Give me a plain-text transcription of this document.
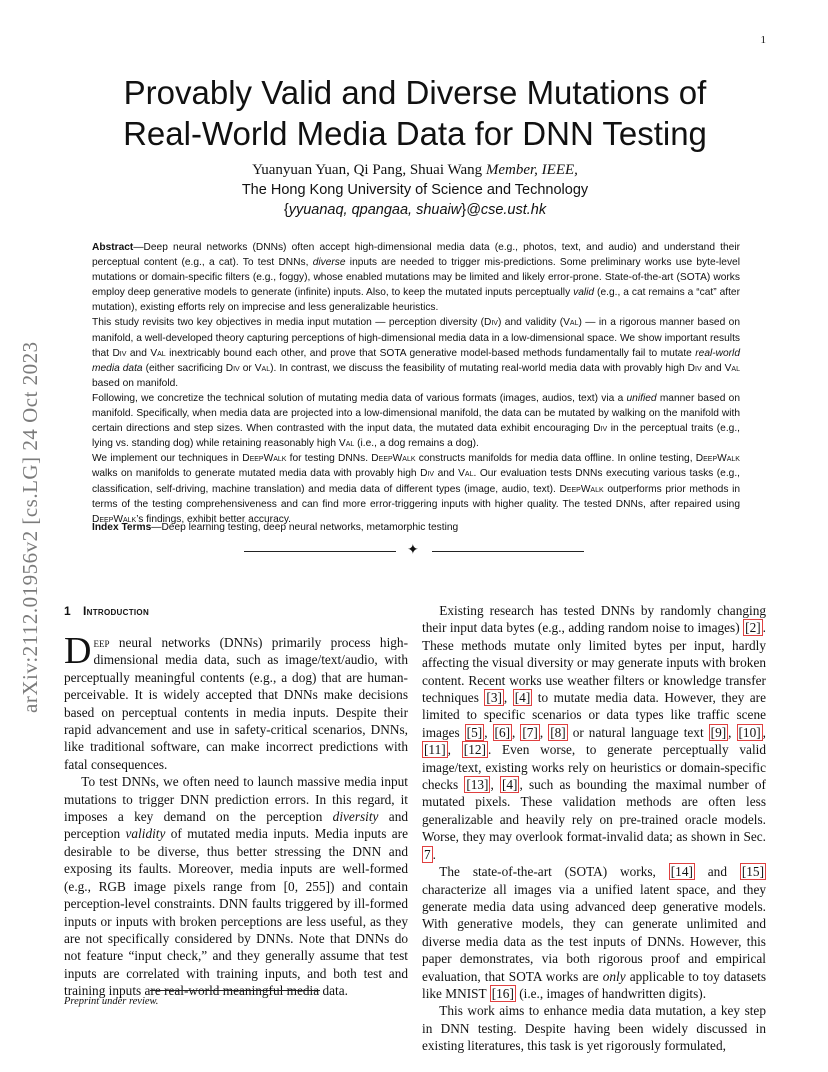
1
arXiv:2112.01956v2 [cs.LG] 24 Oct 2023
Provably Valid and Diverse Mutations of
Real-World Media Data for DNN Testing
Yuanyuan Yuan, Qi Pang, Shuai Wang Member, IEEE,
The Hong Kong University of Science and Technology
{yyuanaq, qpangaa, shuaiw}@cse.ust.hk

Abstract—Deep neural networks (DNNs) often accept high-dimensional media data (e.g., photos, text, and audio) and understand their perceptual content (e.g., a cat). To test DNNs, diverse inputs are needed to trigger mis-predictions. Some preliminary works use byte-level mutations or domain-specific filters (e.g., foggy), whose enabled mutations may be limited and likely error-prone. State-of-the-art (SOTA) works employ deep generative models to generate (infinite) inputs. Also, to keep the mutated inputs perceptually valid (e.g., a cat remains a “cat” after mutation), existing efforts rely on imprecise and less generalizable heuristics.

This study revisits two key objectives in media input mutation — perception diversity (Div) and validity (Val) — in a rigorous manner based on manifold, a well-developed theory capturing perceptions of high-dimensional media data in a low-dimensional space. We show important results that Div and Val inextricably bound each other, and prove that SOTA generative model-based methods fundamentally fail to mutate real-world media data (either sacrificing Div or Val). In contrast, we discuss the feasibility of mutating real-world media data with provably high Div and Val based on manifold.

Following, we concretize the technical solution of mutating media data of various formats (images, audios, text) via a unified manner based on manifold. Specifically, when media data are projected into a low-dimensional manifold, the data can be mutated by walking on the manifold with certain directions and step sizes. When contrasted with the input data, the mutated data exhibit encouraging Div in the perceptual traits (e.g., lying vs. standing dog) while retaining reasonably high Val (i.e., a dog remains a dog).

We implement our techniques in DeepWalk for testing DNNs. DeepWalk constructs manifolds for media data offline. In online testing, DeepWalk walks on manifolds to generate mutated media data with provably high Div and Val. Our evaluation tests DNNs executing various tasks (e.g., classification, self-driving, machine translation) and media data of different types (image, audio, text). DeepWalk outperforms prior methods in terms of the testing comprehensiveness and can find more error-triggering inputs with higher quality. The tested DNNs, after repaired using DeepWalk’s findings, exhibit better accuracy.

Index Terms—Deep learning testing, deep neural networks, metamorphic testing
✦
1 Introduction

Deep neural networks (DNNs) primarily process high-dimensional media data, such as image/text/audio, with perceptually meaningful contents (e.g., a dog) that are human-perceivable. It is widely accepted that DNNs make decisions based on perceptual contents in media inputs. Despite their rapid advancement and use in safety-critical scenarios, DNNs, like traditional software, can make incorrect predictions with fatal consequences.

To test DNNs, we often need to launch massive media input mutations to trigger DNN prediction errors. In this regard, it imposes a key demand on the perception diversity and perception validity of mutated media inputs. Media inputs are desirable to be diverse, thus better stressing the DNN and exposing its faults. Moreover, media inputs are well-formed (e.g., RGB image pixels range from [0, 255]) and contain perception-level constraints. DNN faults triggered by ill-formed inputs or inputs with broken perceptions are less useful, as they are not specifically considered by DNNs. Note that DNNs do not feature “input check,” and they generally assume that test inputs are correlated with training inputs, and both test and training inputs are real-world meaningful media data.

Preprint under review.

Existing research has tested DNNs by randomly changing their input data bytes (e.g., adding random noise to images) [2] . These methods mutate only limited bytes per input, hardly affecting the visual diversity or may generate inputs with broken content. Recent works use weather filters or knowledge transfer techniques [3] , [4] to mutate media data. However, they are limited to specific scenarios or data types like traffic scene images [5] , [6] , [7] , [8] or natural language text [9] , [10] , [11] , [12] . Even worse, to generate perceptually valid image/text, existing works rely on heuristics or domain-specific checks [13] , [4] , such as bounding the maximal number of mutated pixels. These validation methods are often less generalizable and heavily rely on pre-trained oracle models. Worse, they may overlook format-invalid data; as shown in Sec. 7 .

The state-of-the-art (SOTA) works, [14] and [15] characterize all images via a unified latent space, and they generate media data using advanced deep generative models. With generative models, they can generate unlimited and diverse media data as the test inputs of DNNs. However, this paper demonstrates, via both rigorous proof and empirical evaluation, that SOTA works are only applicable to toy datasets like MNIST [16] (i.e., images of handwritten digits).

This work aims to enhance media data mutation, a key step in DNN testing. Despite having been widely discussed in existing literatures, this task is yet rigorously formulated,
